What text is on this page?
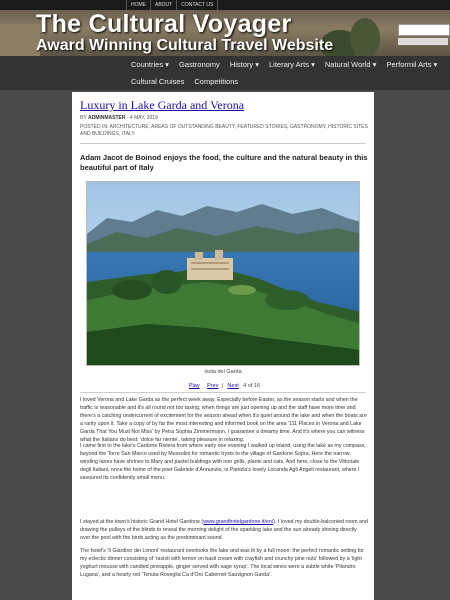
HOME	ABOUT	CONTACT US
The Cultural Voyager
Award Winning Cultural Travel Website
Countries ▾	Gastronomy	History ▾	Literary Arts ▾	Natural World ▾	Performil Arts ▾
Cultural Cruises	Competitions
Luxury in Lake Garda and Verona
BY ADMINMASTER - 4 MAY, 2019
POSTED IN: ARCHITECTURE, AREAS OF OUTSTANDING BEAUTY, FEATURED STORIES, GASTRONOMY, HISTORIC SITES AND BUILDINGS, ITALY
Adam Jacot de Boinod enjoys the food, the culture and the natural beauty in this beautiful part of Italy
Isola del Garda
Play Prev | Next 4 of 16
I loved Verona and Lake Garda as the perfect week away. Especially before Easter, as the season starts and when the traffic is reasonable and it's all round not too taxing, when things are just opening up and the staff have more time and there's a catching undercurrent of excitement for the season ahead when it's quiet around the lake and when the boats are a rarity upon it. Take a copy of by far the most interesting and informed book on the area '111 Places in Verona and Lake Garda That You Must Not Miss' by Petra Sophia Zimmermann. I guarantee a dreamy time. And it's where you can witness what the Italians do best: 'dolce far niente', taking pleasure in relaxing.
I came first to the lake's Cardone Riviera from where early one evening I walked up inland, using the lake as my compass, beyond the Torre San Marco used by Mussolini for romantic trysts to the village of Gardone Sopra. Here the narrow, winding lanes have shrines to Mary and pastel buildings with iron grills, plants and cats. And here, close to the Vittoriale degli Italiani, once the home of the poet Gabriele d'Annunzio, is Patrizia's lovely Locanda Agli Angeli restaurant, where I savoured its confidently small menu.
I stayed at the town's historic Grand Hotel Gardone (www.grandhotelgardone.it/en/). I loved my double-balconied room and drawing the pulleys of the blinds to reveal the morning delight of the sparkling lake and the sun already shining directly over the pool with the birds acting as the predominant sound.
The hotel's 'Il Giardino dei Limoni' restaurant overlooks the lake and was lit by a full moon: the perfect romantic setting for my eclectic dinner consisting of 'ravioli with lemon on basil cream with crayfish and crunchy pine nuts' followed by a 'light yoghurt mousse with candied pineapple, ginger served with sage syrup'. The local wines were a subtle white 'Pilandro Lugana', and a hearty red 'Tenuta Roveglia Ca d'Oro Cabernet Sauvignon Garda'.
